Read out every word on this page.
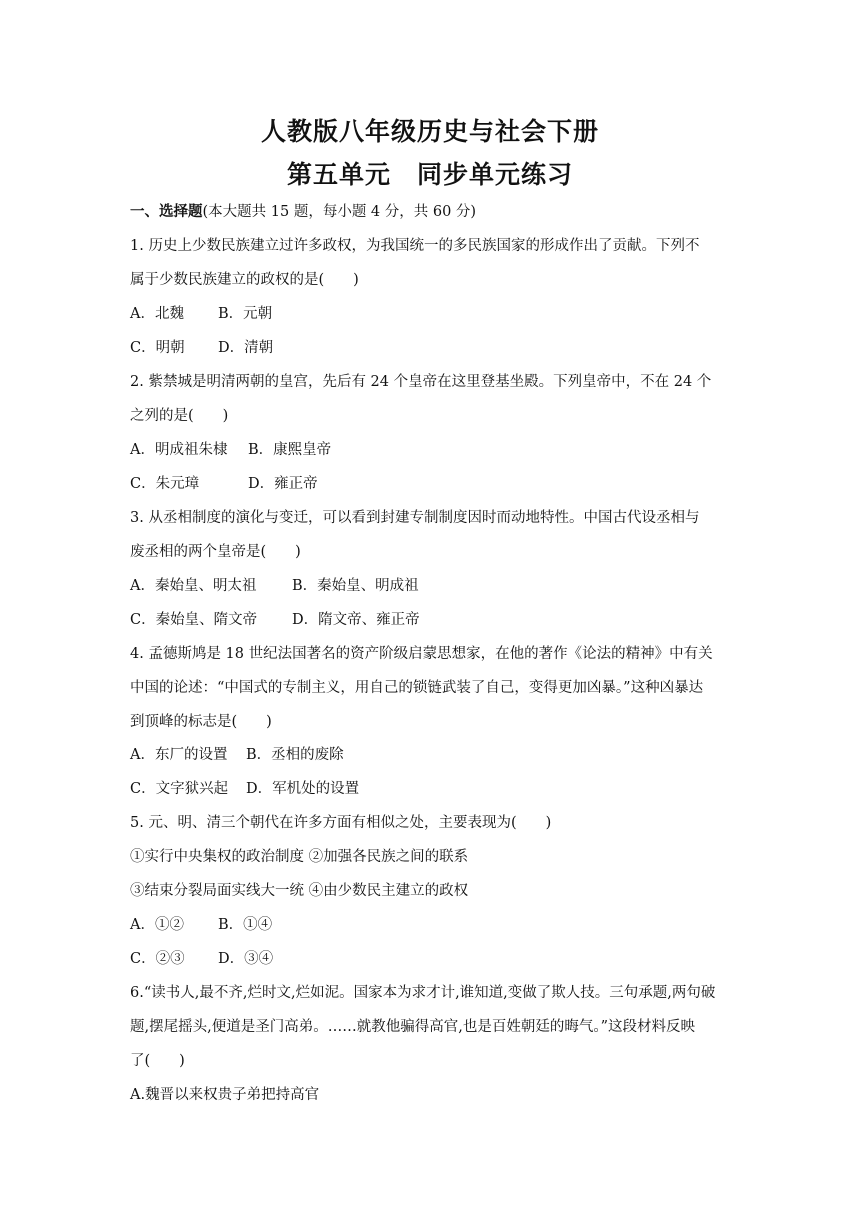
人教版八年级历史与社会下册
第五单元　同步单元练习
一、选择题(本大题共 15 题，每小题 4 分，共 60 分)
1. 历史上少数民族建立过许多政权，为我国统一的多民族国家的形成作出了贡献。下列不
属于少数民族建立的政权的是(　　)
A．北魏 B．元朝
C．明朝 D．清朝
2. 紫禁城是明清两朝的皇宫，先后有 24 个皇帝在这里登基坐殿。下列皇帝中，不在 24 个
之列的是(　　)
A．明成祖朱棣 B．康熙皇帝
C．朱元璋	D．雍正帝
3. 从丞相制度的演化与变迁，可以看到封建专制制度因时而动地特性。中国古代设丞相与
废丞相的两个皇帝是(　　)
A．秦始皇、明太祖 B．秦始皇、明成祖
C．秦始皇、隋文帝 D．隋文帝、雍正帝
4. 孟德斯鸠是 18 世纪法国著名的资产阶级启蒙思想家，在他的著作《论法的精神》中有关
中国的论述：“中国式的专制主义，用自己的锁链武装了自己，变得更加凶暴。”这种凶暴达
到顶峰的标志是(　　)
A．东厂的设置 B．丞相的废除
C．文字狱兴起 D．军机处的设置
5. 元、明、清三个朝代在许多方面有相似之处，主要表现为(　　)
①实行中央集权的政治制度 ②加强各民族之间的联系
③结束分裂局面实线大一统 ④由少数民主建立的政权
A．①② B．①④
C．②③ D．③④
6.“读书人,最不齐,烂时文,烂如泥。国家本为求才计,谁知道,变做了欺人技。三句承题,两句破
题,摆尾摇头,便道是圣门高弟。……就教他骗得高官,也是百姓朝廷的晦气。”这段材料反映
了(　　)
A.魏晋以来权贵子弟把持高官
